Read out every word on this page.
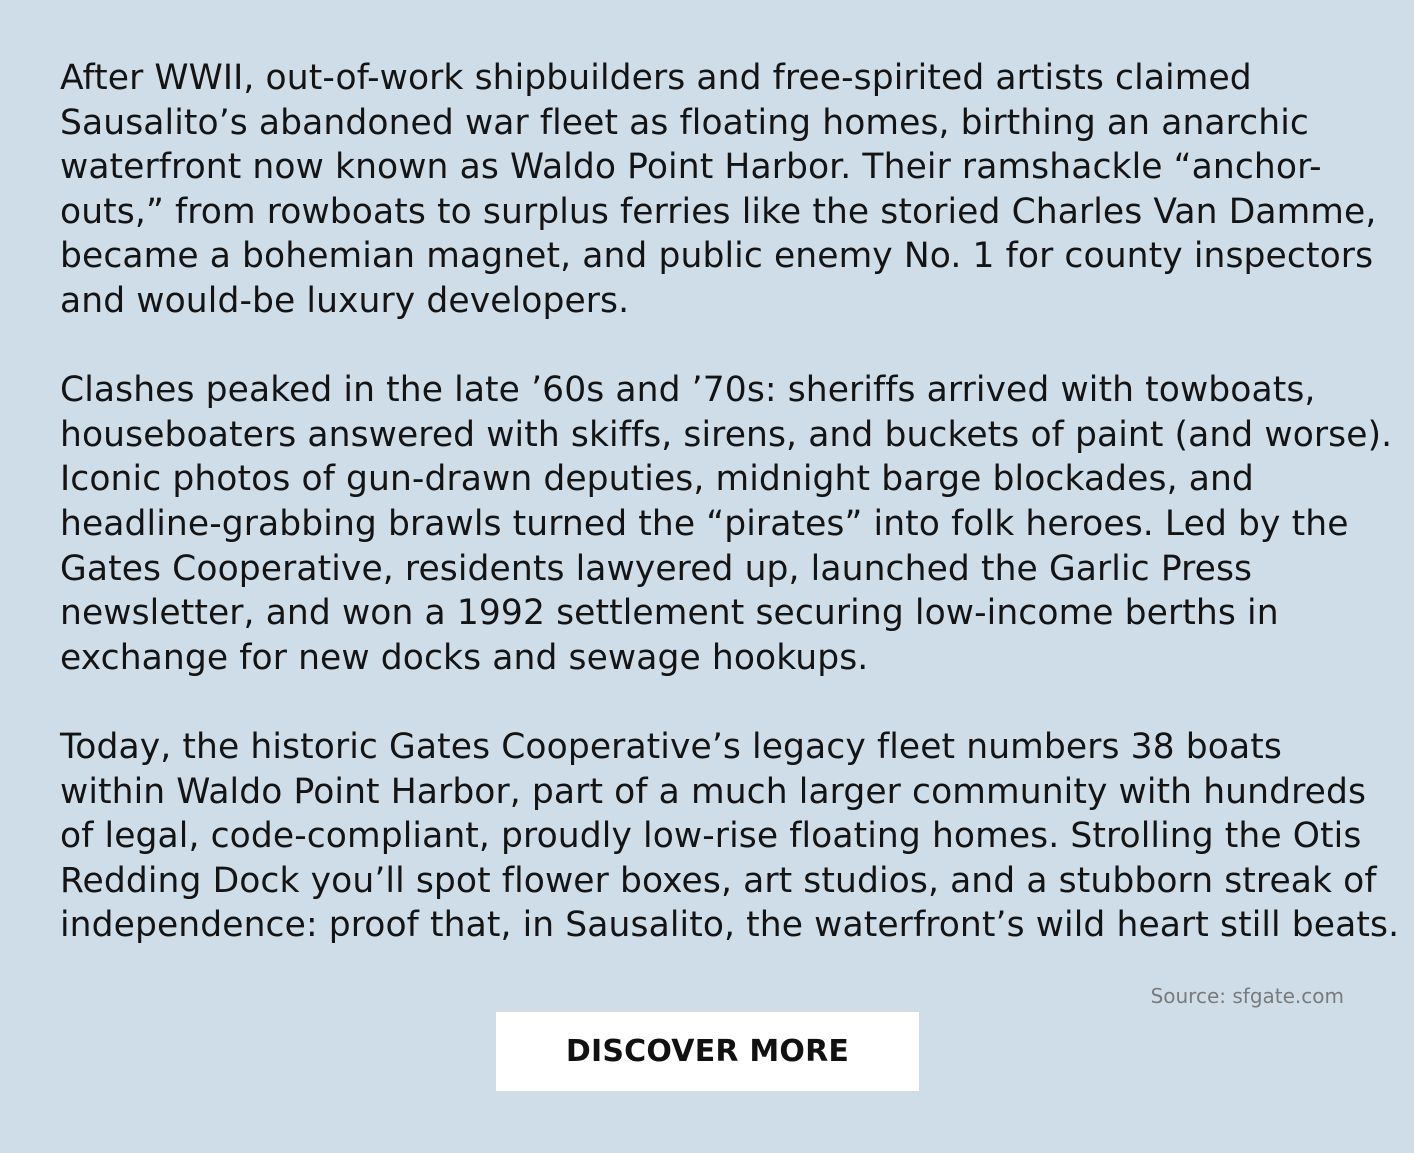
After WWII, out-of-work shipbuilders and free-spirited artists claimed
Sausalito’s abandoned war fleet as floating homes, birthing an anarchic
waterfront now known as Waldo Point Harbor. Their ramshackle “anchor-
outs,” from rowboats to surplus ferries like the storied Charles Van Damme,
became a bohemian magnet, and public enemy No. 1 for county inspectors
and would-be luxury developers.

Clashes peaked in the late ’60s and ’70s: sheriffs arrived with towboats,
houseboaters answered with skiffs, sirens, and buckets of paint (and worse).
Iconic photos of gun-drawn deputies, midnight barge blockades, and
headline-grabbing brawls turned the “pirates” into folk heroes. Led by the
Gates Cooperative, residents lawyered up, launched the Garlic Press
newsletter, and won a 1992 settlement securing low-income berths in
exchange for new docks and sewage hookups.

Today, the historic Gates Cooperative’s legacy fleet numbers 38 boats
within Waldo Point Harbor, part of a much larger community with hundreds
of legal, code-compliant, proudly low-rise floating homes. Strolling the Otis
Redding Dock you’ll spot flower boxes, art studios, and a stubborn streak of
independence: proof that, in Sausalito, the waterfront’s wild heart still beats.

Source: sfgate.com
DISCOVER MORE
